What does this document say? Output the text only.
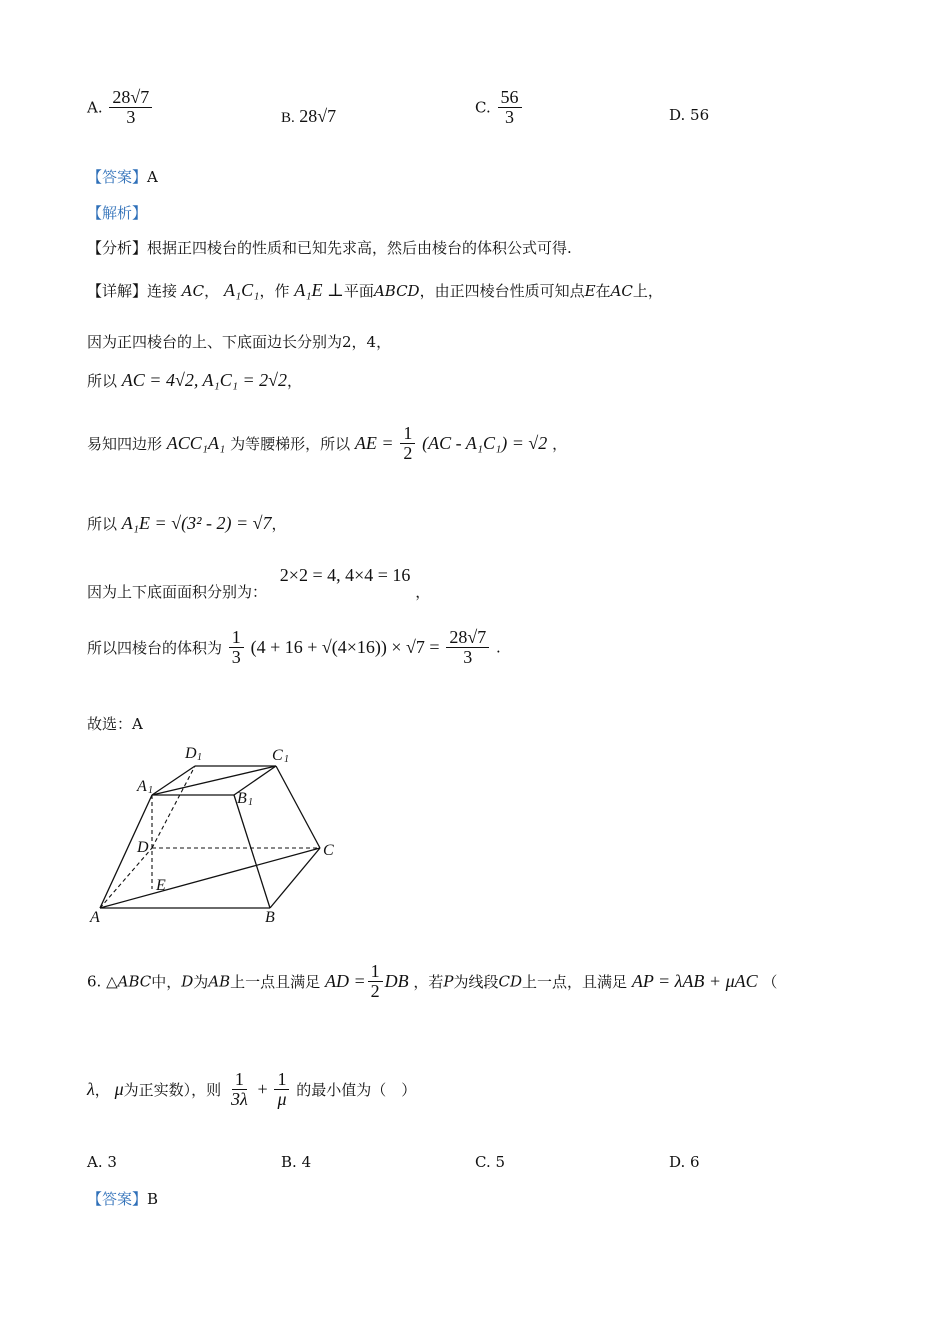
A. $\frac{28√7}{3}$	B. 28√7	C. $\frac{56}{3}$	D. 56
【答案】A
【解析】
【分析】根据正四棱台的性质和已知先求高，然后由棱台的体积公式可得.
【详解】连接 AC， A₁C₁，作 A₁E ⊥平面ABCD，由正四棱台性质可知点E在AC上，
因为正四棱台的上、下底面边长分别为2，4，
所以 AC = 4√2, A₁C₁ = 2√2，
易知四边形 ACC₁A₁ 为等腰梯形，所以 AE = $\frac{1}{2} (AC - A_1C_1) = √2$ ，
所以 A₁E = √(3² - 2) = √7，
因为上下底面面积分别为： 2×2 = 4, 4×4 = 16 ，
所以四棱台的体积为 $\frac{1}{3} (4 + 16 + √(4\times 16)) \times √7 = \frac{28√7}{3}$ .
故选：A
A	B
C
D
E
A 1	B 1
D 1	C 1
6. △ABC中，D为AB上一点且满足 AD = $\frac{1}{2}$ DB ，若P为线段CD上一点，且满足 AP = λAB + μAC （
λ， μ为正实数），则 $\frac{1}{3\lambda} + \frac{1}{\mu}$ 的最小值为（　）
A. 3	B. 4	C. 5	D. 6
【答案】B
